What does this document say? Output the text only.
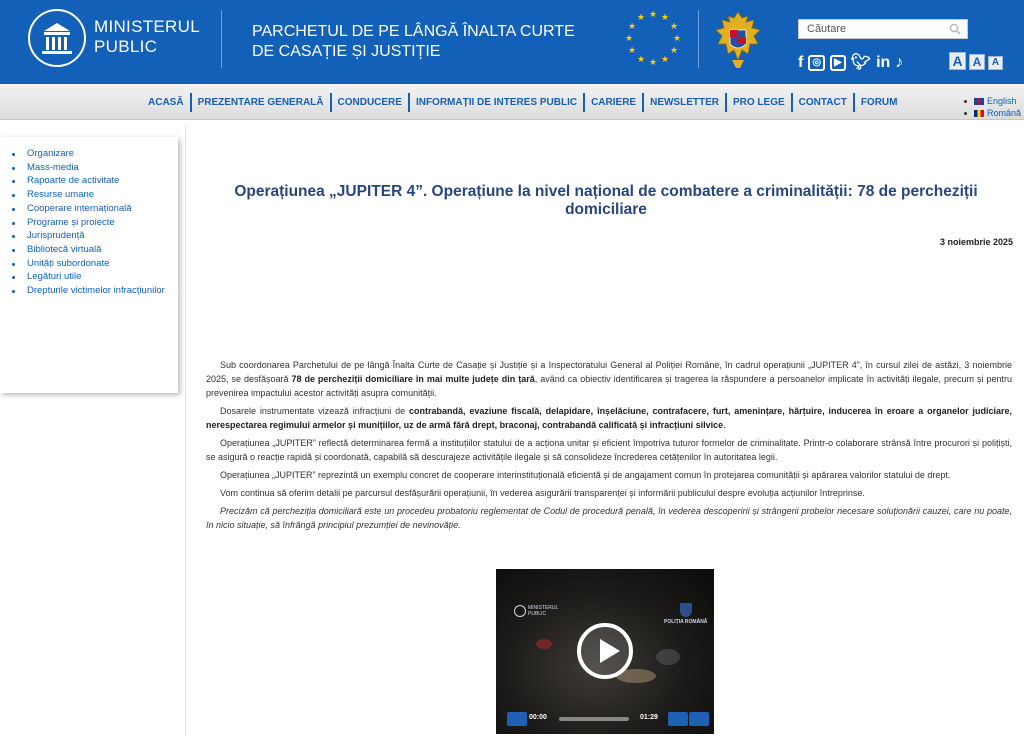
MINISTERUL
PUBLIC
PARCHETUL DE PE LÂNGĂ ÎNALTA CURTE
DE CASAȚIE ȘI JUSTIȚIE
★ ★
★
★
★
★
★
★
★
★
★
★
Căutare
f ◎	▶ 🐦︎ in ♪	A A	A
ACASĂ	PREZENTARE GENERALĂ	CONDUCERE	INFORMAȚII DE INTERES PUBLIC	CARIERE	NEWSLETTER	PRO LEGE	CONTACT	FORUM	English
Română
Organizare
Mass-media
Rapoarte de activitate
Resurse umane
Cooperare internațională
Programe și proiecte
Jurisprudență
Bibliotecă virtuală
Unități subordonate
Legături utile
Drepturile victimelor infracțiunilor
Operațiunea „JUPITER 4”. Operațiune la nivel național de combatere a criminalității: 78 de percheziții domiciliare
3 noiembrie 2025

Sub coordonarea Parchetului de pe lângă Înalta Curte de Casație și Justiție și a Inspectoratului General al Poliției Române, în cadrul operațiunii „JUPITER 4”, în cursul zilei de astăzi, 3 noiembrie 2025, se desfășoară 78 de percheziții domiciliare în mai multe județe din țară, având ca obiectiv identificarea și tragerea la răspundere a persoanelor implicate în activități ilegale, precum și pentru prevenirea impactului acestor activități asupra comunității.

Dosarele instrumentate vizează infracțiuni de contrabandă, evaziune fiscală, delapidare, înșelăciune, contrafacere, furt, amenințare, hărțuire, inducerea în eroare a organelor judiciare, nerespectarea regimului armelor și munițiilor, uz de armă fără drept, braconaj, contrabandă calificată și infracțiuni silvice.

Operațiunea „JUPITER” reflectă determinarea fermă a instituțiilor statului de a acționa unitar și eficient împotriva tuturor formelor de criminalitate. Printr-o colaborare strânsă între procurori și polițiști, se asigură o reacție rapidă și coordonată, capabilă să descurajeze activitățile ilegale și să consolideze încrederea cetățenilor în autoritatea legii.

Operațiunea „JUPITER” reprezintă un exemplu concret de cooperare interinstituțională eficientă și de angajament comun în protejarea comunității și apărarea valorilor statului de drept.

Vom continua să oferim detalii pe parcursul desfășurării operațiunii, în vederea asigurării transparenței și informării publicului despre evoluția acțiunilor întreprinse.

Precizăm că percheziția domiciliară este un procedeu probatoriu reglementat de Codul de procedură penală, în vederea descoperirii și strângerii probelor necesare soluționării cauzei, care nu poate, în nicio situație, să înfrângă principiul prezumției de nevinovăție.

MINISTERUL
PUBLIC
POLIȚIA ROMÂNĂ
00:00	01:29
